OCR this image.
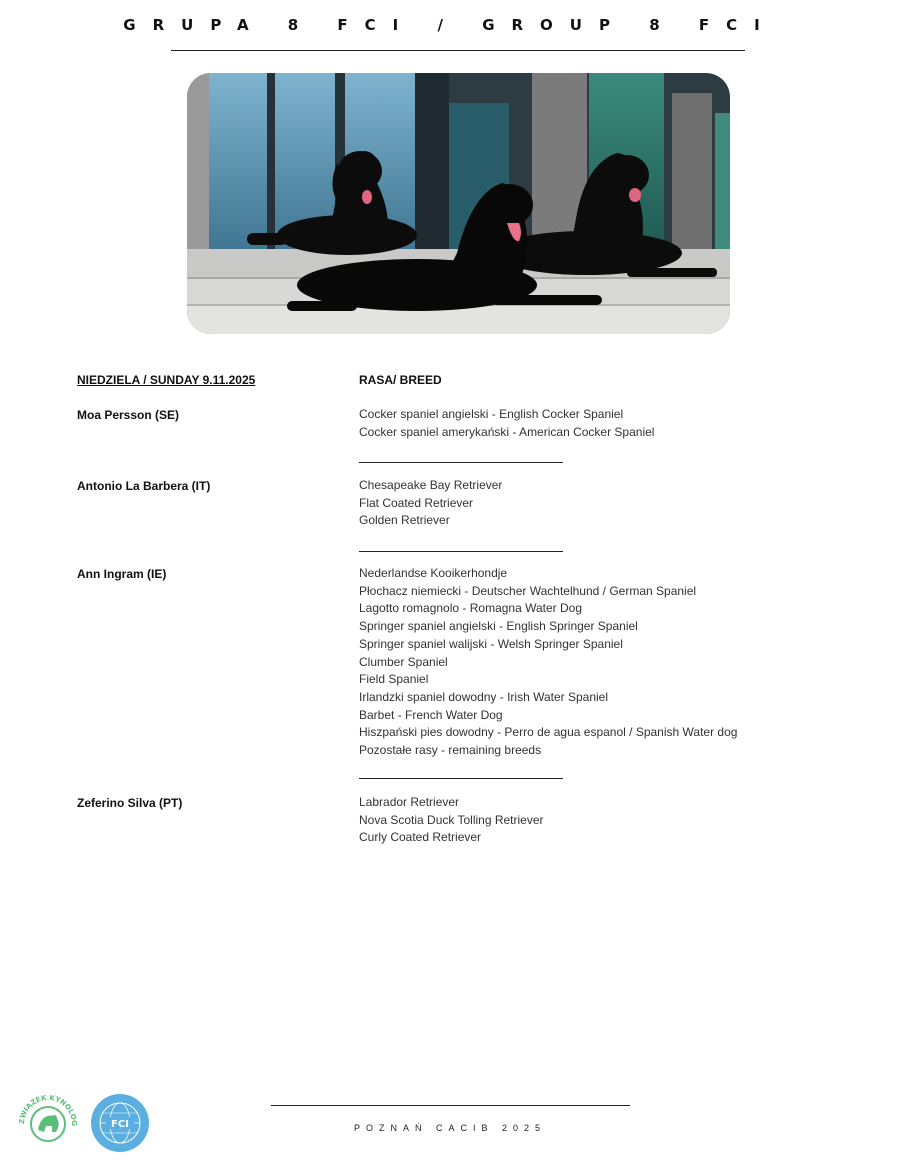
GRUPA 8 FCI / GROUP 8 FCI
NIEDZIELA / SUNDAY 9.11.2025	RASA/ BREED
Moa Persson (SE)	Cocker spaniel angielski - English Cocker Spaniel
Cocker spaniel amerykański - American Cocker Spaniel
Antonio La Barbera (IT)	Chesapeake Bay Retriever
Flat Coated Retriever
Golden Retriever
Ann Ingram (IE)	Nederlandse Kooikerhondje
Płochacz niemiecki - Deutscher Wachtelhund / German Spaniel
Lagotto romagnolo - Romagna Water Dog
Springer spaniel angielski - English Springer Spaniel
Springer spaniel walijski - Welsh Springer Spaniel
Clumber Spaniel
Field Spaniel
Irlandzki spaniel dowodny - Irish Water Spaniel
Barbet - French Water Dog
Hiszpański pies dowodny - Perro de agua espanol / Spanish Water dog
Pozostałe rasy - remaining breeds
Zeferino Silva (PT)	Labrador Retriever
Nova Scotia Duck Tolling Retriever
Curly Coated Retriever
ZWIĄZEK KYNOLOG	FCI	POZNAŃ CACIB 2025
